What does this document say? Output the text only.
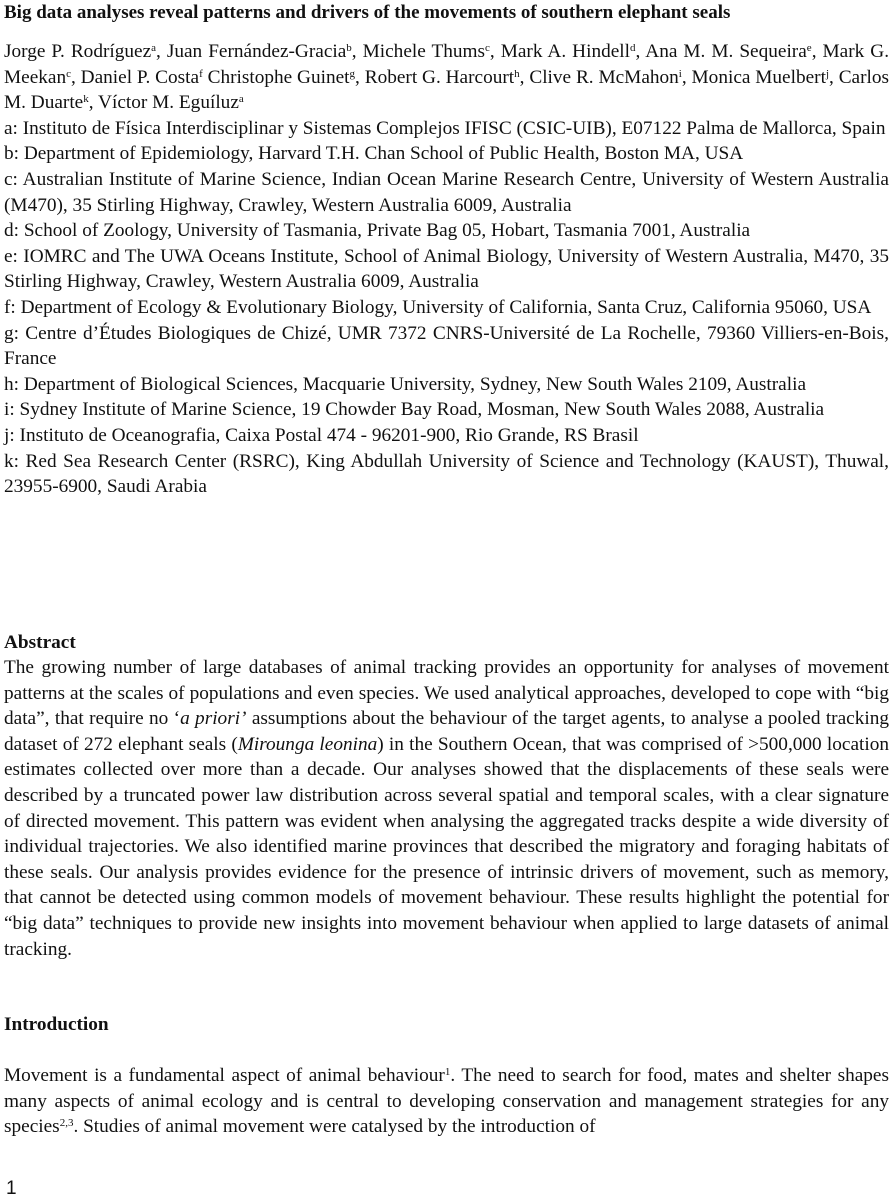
Big data analyses reveal patterns and drivers of the movements of southern elephant seals

Jorge P. Rodríguez$^a$, Juan Fernández-Gracia$^b$, Michele Thums$^c$, Mark A. Hindell$^d$, Ana M. M. Sequeira$^e$, Mark G. Meekan$^c$, Daniel P. Costa$^f$ Christophe Guinet$^g$, Robert G. Harcourt$^h$, Clive R. McMahon$^i$, Monica Muelbert$^j$, Carlos M. Duarte$^k$, Víctor M. Eguíluz$^a$

a: Instituto de Física Interdisciplinar y Sistemas Complejos IFISC (CSIC-UIB), E07122 Palma de Mallorca, Spain

b: Department of Epidemiology, Harvard T.H. Chan School of Public Health, Boston MA, USA

c: Australian Institute of Marine Science, Indian Ocean Marine Research Centre, University of Western Australia (M470), 35 Stirling Highway, Crawley, Western Australia 6009, Australia

d: School of Zoology, University of Tasmania, Private Bag 05, Hobart, Tasmania 7001, Australia

e: IOMRC and The UWA Oceans Institute, School of Animal Biology, University of Western Australia, M470, 35 Stirling Highway, Crawley, Western Australia 6009, Australia

f: Department of Ecology & Evolutionary Biology, University of California, Santa Cruz, California 95060, USA

g: Centre d’Études Biologiques de Chizé, UMR 7372 CNRS-Université de La Rochelle, 79360 Villiers-en-Bois, France

h: Department of Biological Sciences, Macquarie University, Sydney, New South Wales 2109, Australia

i: Sydney Institute of Marine Science, 19 Chowder Bay Road, Mosman, New South Wales 2088, Australia

j: Instituto de Oceanografia, Caixa Postal 474 - 96201-900, Rio Grande, RS Brasil

k: Red Sea Research Center (RSRC), King Abdullah University of Science and Technology (KAUST), Thuwal, 23955-6900, Saudi Arabia

Abstract

The growing number of large databases of animal tracking provides an opportunity for analyses of movement patterns at the scales of populations and even species. We used analytical approaches, developed to cope with “big data”, that require no ‘a priori’ assumptions about the behaviour of the target agents, to analyse a pooled tracking dataset of 272 elephant seals (Mirounga leonina) in the Southern Ocean, that was comprised of >500,000 location estimates collected over more than a decade. Our analyses showed that the displacements of these seals were described by a truncated power law distribution across several spatial and temporal scales, with a clear signature of directed movement. This pattern was evident when analysing the aggregated tracks despite a wide diversity of individual trajectories. We also identified marine provinces that described the migratory and foraging habitats of these seals. Our analysis provides evidence for the presence of intrinsic drivers of movement, such as memory, that cannot be detected using common models of movement behaviour. These results highlight the potential for “big data” techniques to provide new insights into movement behaviour when applied to large datasets of animal tracking.

Introduction

Movement is a fundamental aspect of animal behaviour$^1$. The need to search for food, mates and shelter shapes many aspects of animal ecology and is central to developing conservation and management strategies for any species$^{2,3}$. Studies of animal movement were catalysed by the introduction of

1
